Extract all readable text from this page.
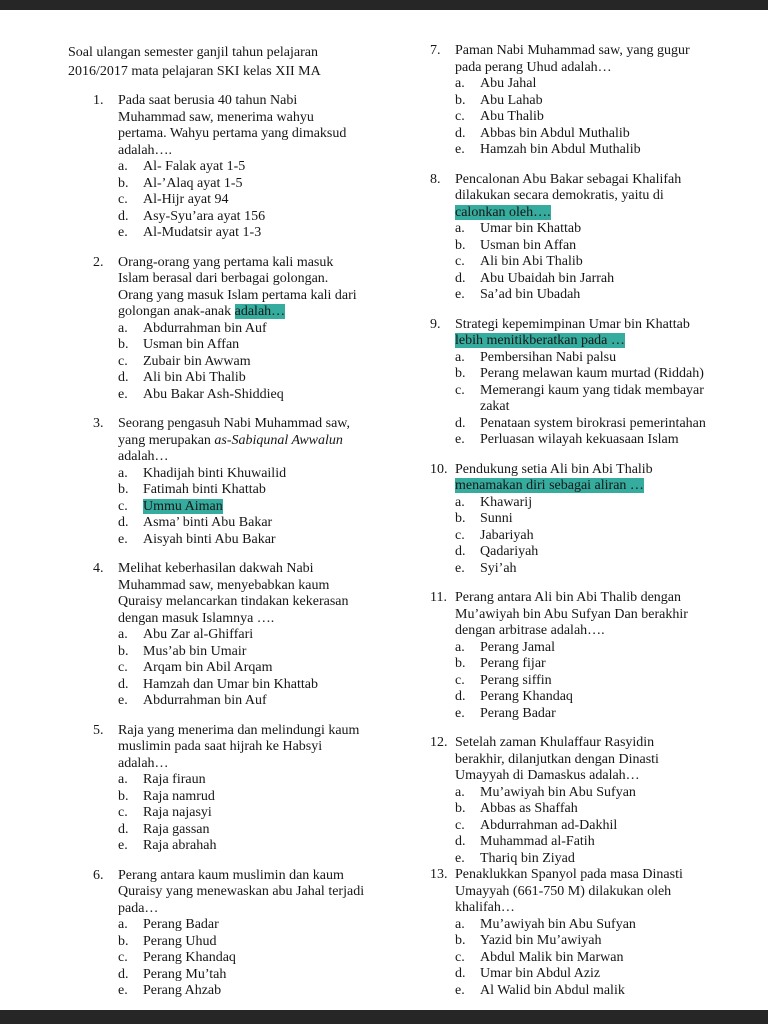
Soal ulangan semester ganjil tahun pelajaran
2016/2017 mata pelajaran SKI kelas XII MA
1.	Pada saat berusia 40 tahun Nabi
Muhammad saw, menerima wahyu
pertama. Wahyu pertama yang dimaksud
adalah….
a.	Al- Falak ayat 1-5
b.	Al-’Alaq ayat 1-5
c.	Al-Hijr ayat 94
d.	Asy-Syu’ara ayat 156
e.	Al-Mudatsir ayat 1-3
2.	Orang-orang yang pertama kali masuk
Islam berasal dari berbagai golongan.
Orang yang masuk Islam pertama kali dari
golongan anak-anak adalah…
a.	Abdurrahman bin Auf
b.	Usman bin Affan
c.	Zubair bin Awwam
d.	Ali bin Abi Thalib
e.	Abu Bakar Ash-Shiddieq
3.	Seorang pengasuh Nabi Muhammad saw,
yang merupakan as-Sabiqunal Awwalun
adalah…
a.	Khadijah binti Khuwailid
b.	Fatimah binti Khattab
c.	Ummu Aiman
d.	Asma’ binti Abu Bakar
e.	Aisyah binti Abu Bakar
4.	Melihat keberhasilan dakwah Nabi
Muhammad saw, menyebabkan kaum
Quraisy melancarkan tindakan kekerasan
dengan masuk Islamnya ….
a.	Abu Zar al-Ghiffari
b.	Mus’ab bin Umair
c.	Arqam bin Abil Arqam
d.	Hamzah dan Umar bin Khattab
e.	Abdurrahman bin Auf
5.	Raja yang menerima dan melindungi kaum
muslimin pada saat hijrah ke Habsyi
adalah…
a.	Raja firaun
b.	Raja namrud
c.	Raja najasyi
d.	Raja gassan
e.	Raja abrahah
6.	Perang antara kaum muslimin dan kaum
Quraisy yang menewaskan abu Jahal terjadi
pada…
a.	Perang Badar
b.	Perang Uhud
c.	Perang Khandaq
d.	Perang Mu’tah
e.	Perang Ahzab
7.	Paman Nabi Muhammad saw, yang gugur
pada perang Uhud adalah…
a.	Abu Jahal
b.	Abu Lahab
c.	Abu Thalib
d.	Abbas bin Abdul Muthalib
e.	Hamzah bin Abdul Muthalib
8.	Pencalonan Abu Bakar sebagai Khalifah
dilakukan secara demokratis, yaitu di
calonkan oleh….
a.	Umar bin Khattab
b.	Usman bin Affan
c.	Ali bin Abi Thalib
d.	Abu Ubaidah bin Jarrah
e.	Sa’ad bin Ubadah
9.	Strategi kepemimpinan Umar bin Khattab
lebih menitikberatkan pada …
a.	Pembersihan Nabi palsu
b.	Perang melawan kaum murtad (Riddah)
c.	Memerangi kaum yang tidak membayar
zakat
d.	Penataan system birokrasi pemerintahan
e.	Perluasan wilayah kekuasaan Islam
10. Pendukung setia Ali bin Abi Thalib
menamakan diri sebagai aliran …
a.	Khawarij
b.	Sunni
c.	Jabariyah
d.	Qadariyah
e.	Syi’ah
11. Perang antara Ali bin Abi Thalib dengan
Mu’awiyah bin Abu Sufyan Dan berakhir
dengan arbitrase adalah….
a.	Perang Jamal
b.	Perang fijar
c.	Perang siffin
d.	Perang Khandaq
e.	Perang Badar
12. Setelah zaman Khulaffaur Rasyidin
berakhir, dilanjutkan dengan Dinasti
Umayyah di Damaskus adalah…
a.	Mu’awiyah bin Abu Sufyan
b.	Abbas as Shaffah
c.	Abdurrahman ad-Dakhil
d.	Muhammad al-Fatih
e.	Thariq bin Ziyad
13. Penaklukkan Spanyol pada masa Dinasti
Umayyah (661-750 M) dilakukan oleh
khalifah…
a.	Mu’awiyah bin Abu Sufyan
b.	Yazid bin Mu’awiyah
c.	Abdul Malik bin Marwan
d.	Umar bin Abdul Aziz
e.	Al Walid bin Abdul malik
